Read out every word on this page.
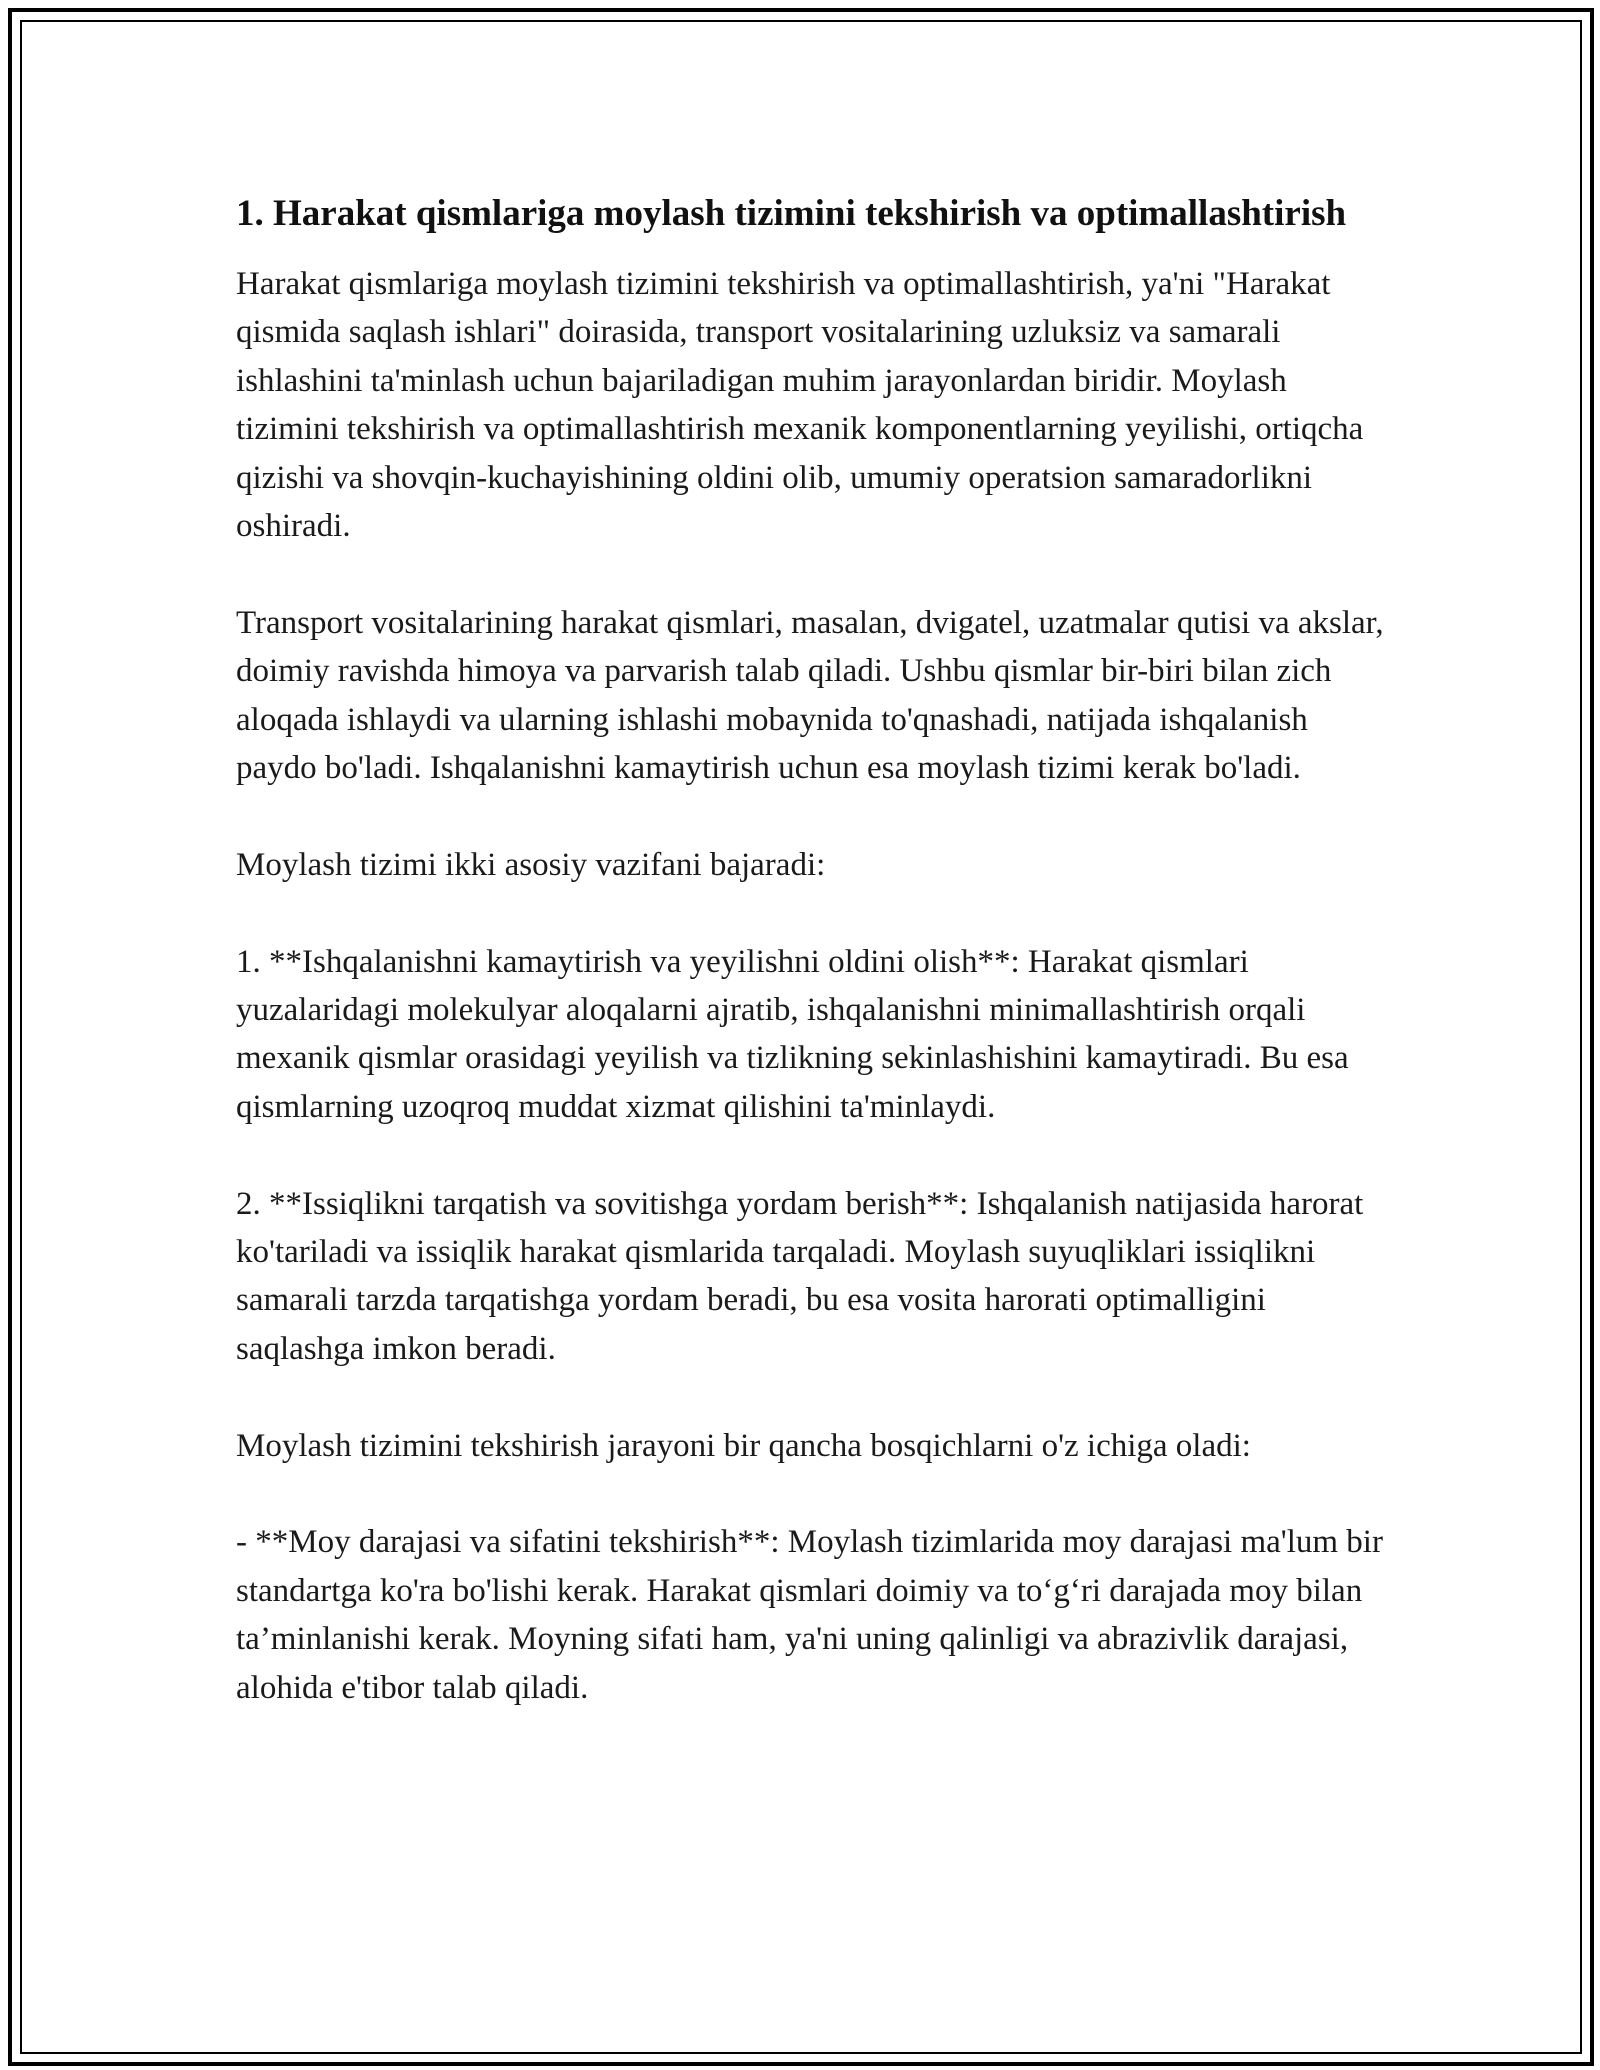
1. Harakat qismlariga moylash tizimini tekshirish va optimallashtirish

Harakat qismlariga moylash tizimini tekshirish va optimallashtirish, ya'ni "Harakat qismida saqlash ishlari" doirasida, transport vositalarining uzluksiz va samarali ishlashini ta'minlash uchun bajariladigan muhim jarayonlardan biridir. Moylash tizimini tekshirish va optimallashtirish mexanik komponentlarning yeyilishi, ortiqcha qizishi va shovqin-kuchayishining oldini olib, umumiy operatsion samaradorlikni oshiradi.

Transport vositalarining harakat qismlari, masalan, dvigatel, uzatmalar qutisi va akslar, doimiy ravishda himoya va parvarish talab qiladi. Ushbu qismlar bir-biri bilan zich aloqada ishlaydi va ularning ishlashi mobaynida to'qnashadi, natijada ishqalanish paydo bo'ladi. Ishqalanishni kamaytirish uchun esa moylash tizimi kerak bo'ladi.

Moylash tizimi ikki asosiy vazifani bajaradi:

1. **Ishqalanishni kamaytirish va yeyilishni oldini olish**: Harakat qismlari yuzalaridagi molekulyar aloqalarni ajratib, ishqalanishni minimallashtirish orqali mexanik qismlar orasidagi yeyilish va tizlikning sekinlashishini kamaytiradi. Bu esa qismlarning uzoqroq muddat xizmat qilishini ta'minlaydi.

2. **Issiqlikni tarqatish va sovitishga yordam berish**: Ishqalanish natijasida harorat ko'tariladi va issiqlik harakat qismlarida tarqaladi. Moylash suyuqliklari issiqlikni samarali tarzda tarqatishga yordam beradi, bu esa vosita harorati optimalligini saqlashga imkon beradi.

Moylash tizimini tekshirish jarayoni bir qancha bosqichlarni o'z ichiga oladi:

- **Moy darajasi va sifatini tekshirish**: Moylash tizimlarida moy darajasi ma'lum bir standartga ko'ra bo'lishi kerak. Harakat qismlari doimiy va to‘g‘ri darajada moy bilan ta’minlanishi kerak. Moyning sifati ham, ya'ni uning qalinligi va abrazivlik darajasi, alohida e'tibor talab qiladi.
